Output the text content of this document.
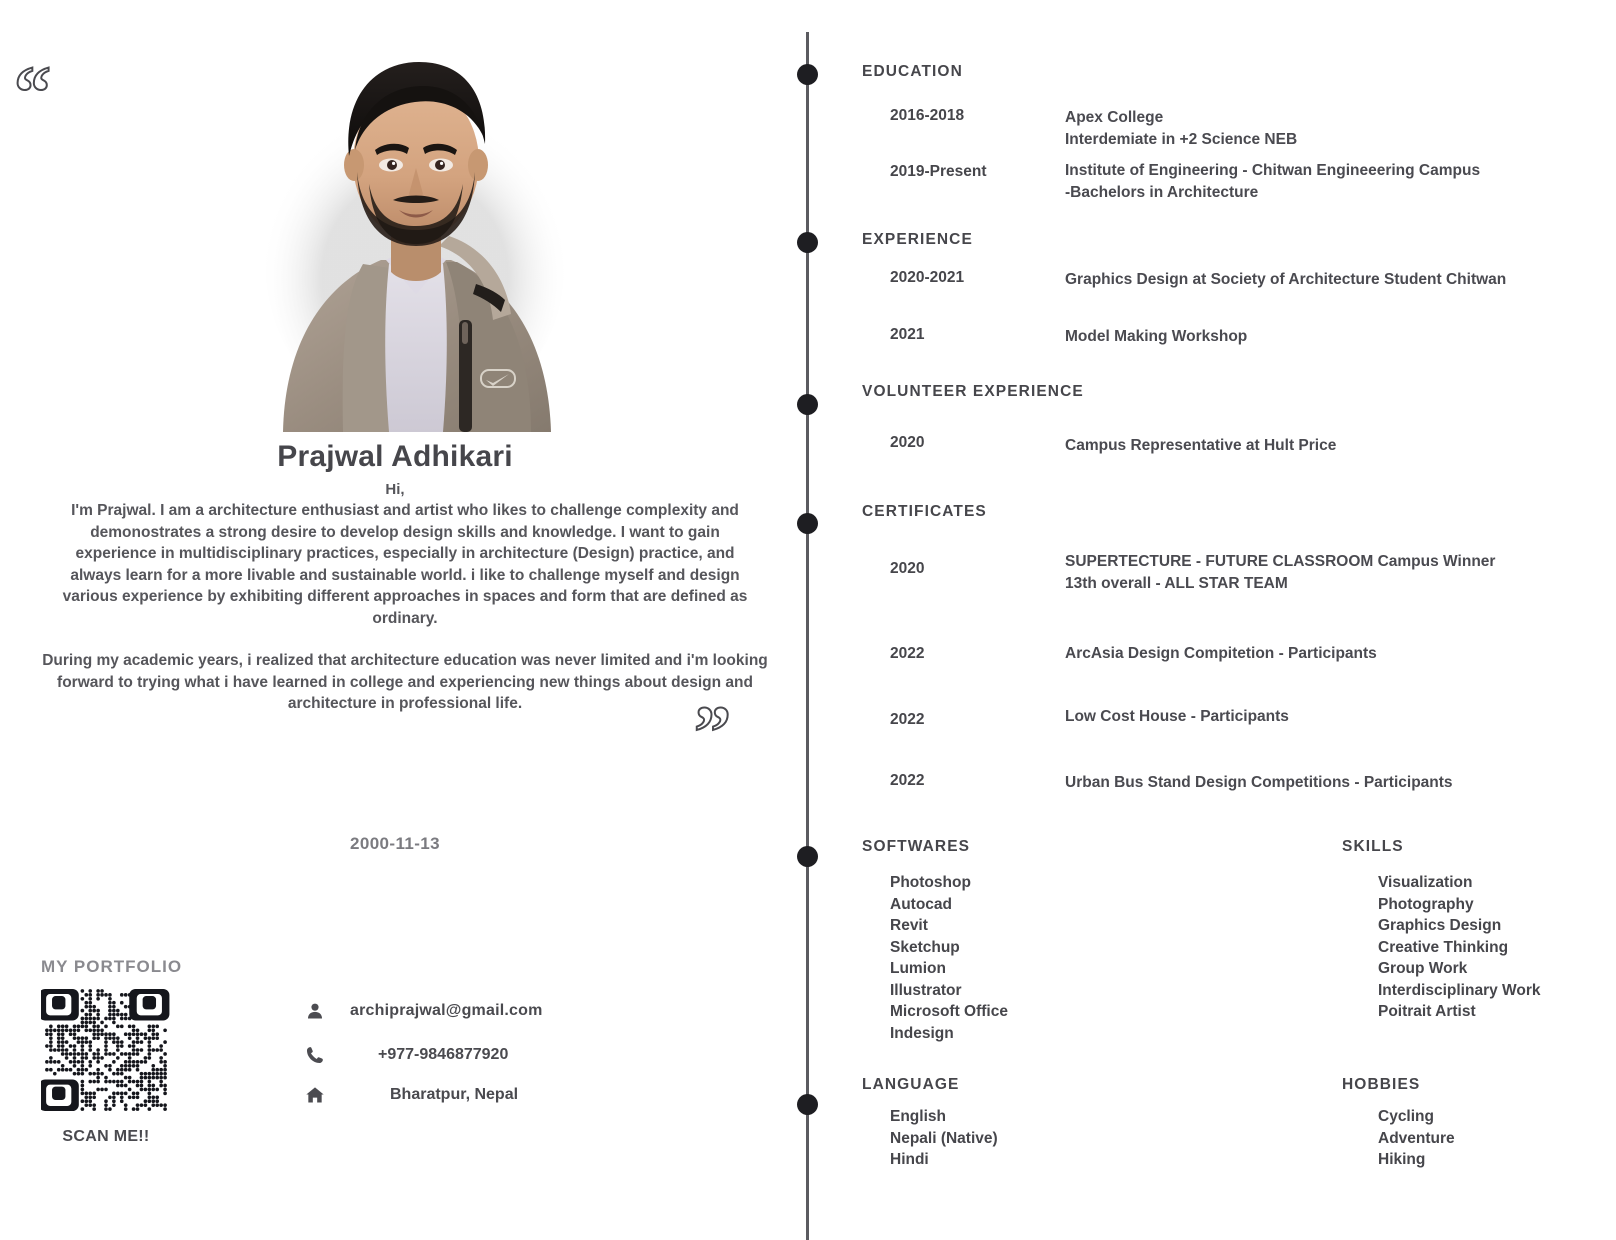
“
Prajwal Adhikari
Hi,
I'm Prajwal. I am a architecture enthusiast and artist who likes to challenge complexity and demonostrates a strong desire to develop design skills and knowledge. I want to gain experience in multidisciplinary practices, especially in architecture (Design) practice, and always learn for a more livable and sustainable world. i like to challenge myself and design various experience by exhibiting different approaches in spaces and form that are defined as ordinary.
During my academic years, i realized that architecture education was never limited and i'm looking forward to trying what i have learned in college and experiencing new things about design and architecture in professional life.	”
2000-11-13
MY PORTFOLIO
SCAN ME!!
archiprajwal@gmail.com
+977-9846877920
Bharatpur, Nepal
EDUCATION
2016-2018	Apex College
Interdemiate in +2 Science NEB
2019-Present	Institute of Engineering - Chitwan Engineeering Campus
-Bachelors in Architecture
EXPERIENCE
2020-2021	Graphics Design at Society of Architecture Student Chitwan
2021	Model Making Workshop
VOLUNTEER EXPERIENCE
2020	Campus Representative at Hult Price
CERTIFICATES
2020	SUPERTECTURE - FUTURE CLASSROOM Campus Winner
13th overall - ALL STAR TEAM
2022	ArcAsia Design Compitetion - Participants
2022	Low Cost House - Participants
2022	Urban Bus Stand Design Competitions - Participants
SOFTWARES
Photoshop
Autocad
Revit
Sketchup
Lumion
Illustrator
Microsoft Office
Indesign
SKILLS
Visualization
Photography
Graphics Design
Creative Thinking
Group Work
Interdisciplinary Work
Poitrait Artist
LANGUAGE
English
Nepali (Native)
Hindi
HOBBIES
Cycling
Adventure
Hiking
